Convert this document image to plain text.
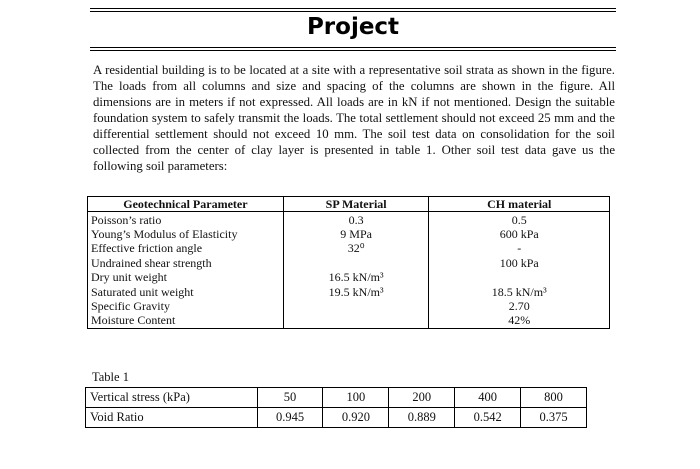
Project
A residential building is to be located at a site with a representative soil strata as shown in the figure. The loads from all columns and size and spacing of the columns are shown in the figure. All dimensions are in meters if not expressed. All loads are in kN if not mentioned. Design the suitable foundation system to safely transmit the loads. The total settlement should not exceed 25 mm and the differential settlement should not exceed 10 mm. The soil test data on consolidation for the soil collected from the center of clay layer is presented in table 1. Other soil test data gave us the following soil parameters:
Geotechnical Parameter	SP Material	CH material
Poisson’s ratio	0.3	0.5
Young’s Modulus of Elasticity	9 MPa	600 kPa
Effective friction angle	32⁰	-
Undrained shear strength		100 kPa
Dry unit weight	16.5 kN/m³	
Saturated unit weight	19.5 kN/m³	18.5 kN/m³
Specific Gravity		2.70
Moisture Content		42%
Table 1
Vertical stress (kPa)	50	100	200	400	800
Void Ratio	0.945	0.920	0.889	0.542	0.375
